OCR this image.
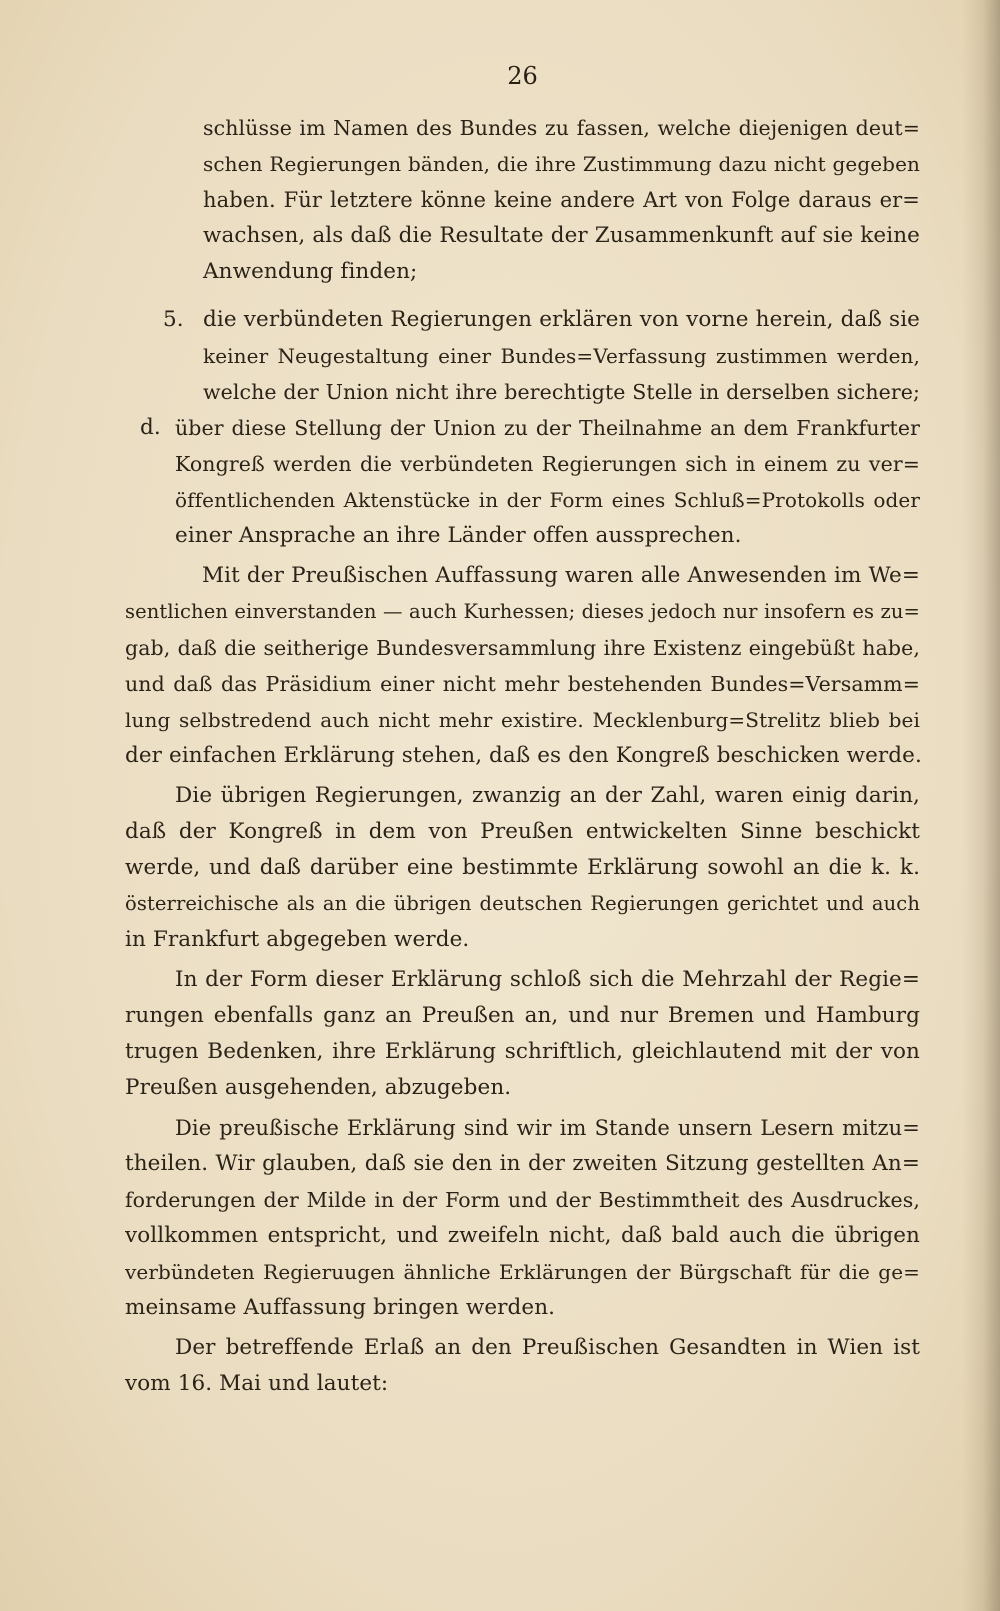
26
5.
d.
schlüsse im Namen des Bundes zu fassen, welche diejenigen deut=
schen Regierungen bänden, die ihre Zustimmung dazu nicht gegeben
haben. Für letztere könne keine andere Art von Folge daraus er=
wachsen, als daß die Resultate der Zusammenkunft auf sie keine
Anwendung finden;
die verbündeten Regierungen erklären von vorne herein, daß sie
keiner Neugestaltung einer Bundes=Verfassung zustimmen werden,
welche der Union nicht ihre berechtigte Stelle in derselben sichere;
über diese Stellung der Union zu der Theilnahme an dem Frankfurter
Kongreß werden die verbündeten Regierungen sich in einem zu ver=
öffentlichenden Aktenstücke in der Form eines Schluß=Protokolls oder
einer Ansprache an ihre Länder offen aussprechen.
Mit der Preußischen Auffassung waren alle Anwesenden im We=
sentlichen einverstanden — auch Kurhessen; dieses jedoch nur insofern es zu=
gab, daß die seitherige Bundesversammlung ihre Existenz eingebüßt habe,
und daß das Präsidium einer nicht mehr bestehenden Bundes=Versamm=
lung selbstredend auch nicht mehr existire. Mecklenburg=Strelitz blieb bei
der einfachen Erklärung stehen, daß es den Kongreß beschicken werde.
Die übrigen Regierungen, zwanzig an der Zahl, waren einig darin,
daß der Kongreß in dem von Preußen entwickelten Sinne beschickt
werde, und daß darüber eine bestimmte Erklärung sowohl an die k. k.
österreichische als an die übrigen deutschen Regierungen gerichtet und auch
in Frankfurt abgegeben werde.
In der Form dieser Erklärung schloß sich die Mehrzahl der Regie=
rungen ebenfalls ganz an Preußen an, und nur Bremen und Hamburg
trugen Bedenken, ihre Erklärung schriftlich, gleichlautend mit der von
Preußen ausgehenden, abzugeben.
Die preußische Erklärung sind wir im Stande unsern Lesern mitzu=
theilen. Wir glauben, daß sie den in der zweiten Sitzung gestellten An=
forderungen der Milde in der Form und der Bestimmtheit des Ausdruckes,
vollkommen entspricht, und zweifeln nicht, daß bald auch die übrigen
verbündeten Regieruugen ähnliche Erklärungen der Bürgschaft für die ge=
meinsame Auffassung bringen werden.
Der betreffende Erlaß an den Preußischen Gesandten in Wien ist
vom 16. Mai und lautet:
